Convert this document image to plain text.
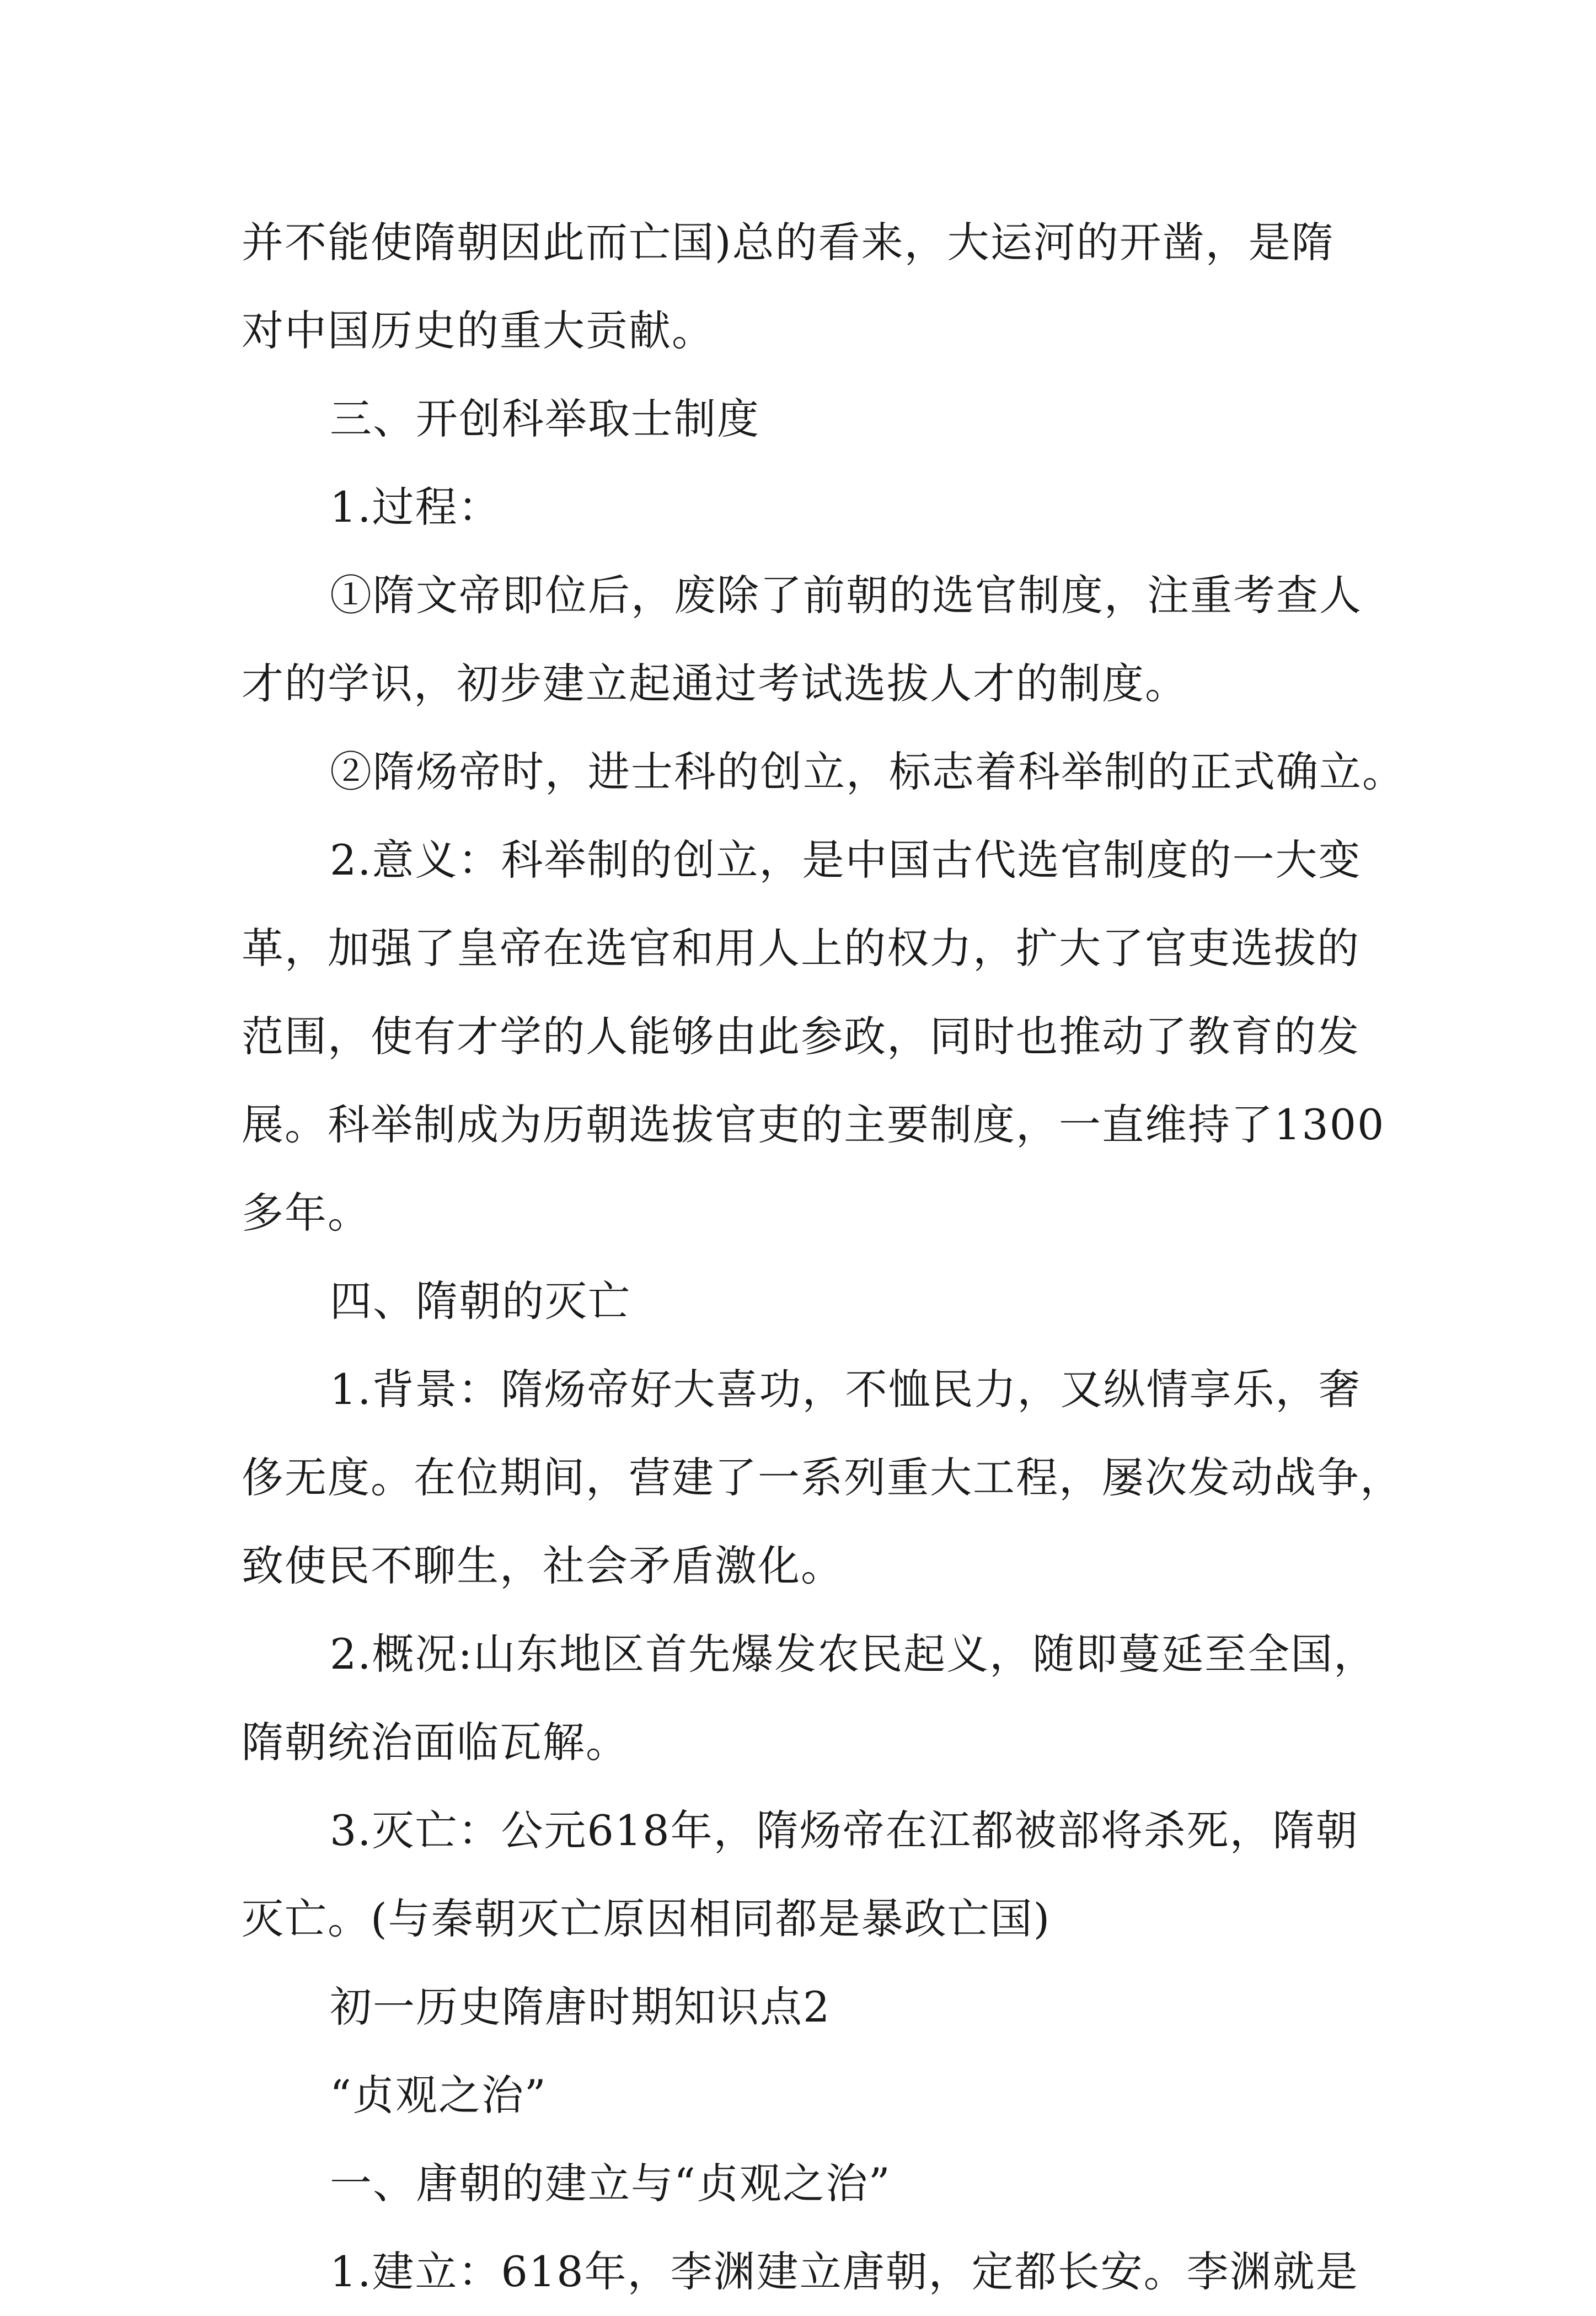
并不能使隋朝因此而亡国)总的看来，大运河的开凿，是隋
对中国历史的重大贡献。
三、开创科举取士制度
1.过程：
①隋文帝即位后，废除了前朝的选官制度，注重考查人
才的学识，初步建立起通过考试选拔人才的制度。
②隋炀帝时，进士科的创立，标志着科举制的正式确立。
2.意义：科举制的创立，是中国古代选官制度的一大变
革，加强了皇帝在选官和用人上的权力，扩大了官吏选拔的
范围，使有才学的人能够由此参政，同时也推动了教育的发
展。科举制成为历朝选拔官吏的主要制度，一直维持了1300
多年。
四、隋朝的灭亡
1.背景：隋炀帝好大喜功，不恤民力，又纵情享乐，奢
侈无度。在位期间，营建了一系列重大工程，屡次发动战争，
致使民不聊生，社会矛盾激化。
2.概况:山东地区首先爆发农民起义，随即蔓延至全国，
隋朝统治面临瓦解。
3.灭亡：公元618年，隋炀帝在江都被部将杀死，隋朝
灭亡。(与秦朝灭亡原因相同都是暴政亡国)
初一历史隋唐时期知识点2
“贞观之治”
一、唐朝的建立与“贞观之治”
1.建立：618年，李渊建立唐朝，定都长安。李渊就是
